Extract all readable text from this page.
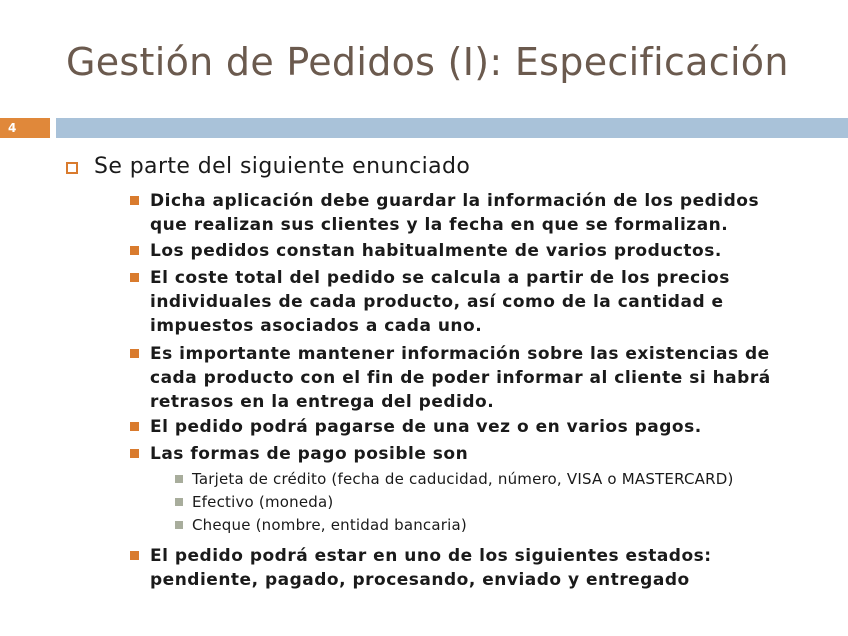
Gestión de Pedidos (I): Especificación
4
Se parte del siguiente enunciado
Dicha aplicación debe guardar la información de los pedidos que realizan sus clientes y la fecha en que se formalizan.
Los pedidos constan habitualmente de varios productos.
El coste total del pedido se calcula a partir de los precios individuales de cada producto, así como de la cantidad e impuestos asociados a cada uno.
Es importante mantener información sobre las existencias de cada producto con el fin de poder informar al cliente si habrá retrasos en la entrega del pedido.
El pedido podrá pagarse de una vez o en varios pagos.
Las formas de pago posible son
Tarjeta de crédito (fecha de caducidad, número, VISA o MASTERCARD)
Efectivo (moneda)
Cheque (nombre, entidad bancaria)
El pedido podrá estar en uno de los siguientes estados: pendiente, pagado, procesando, enviado y entregado
